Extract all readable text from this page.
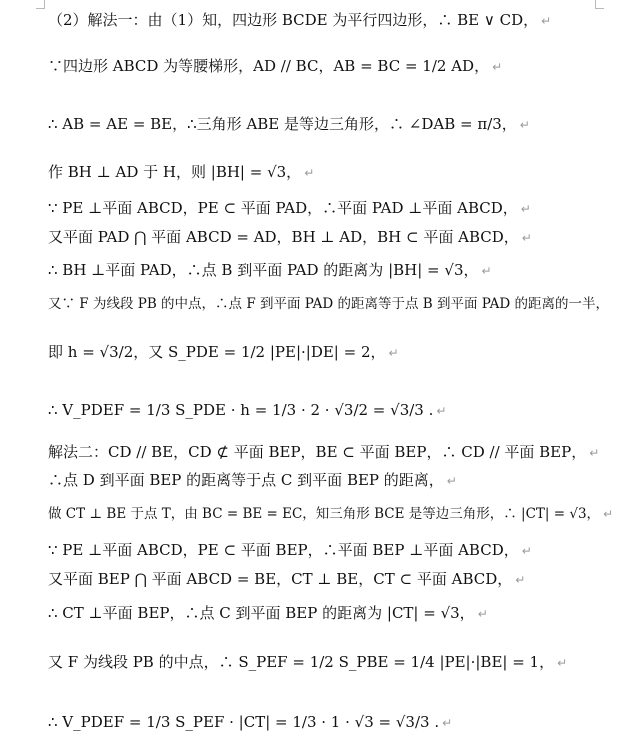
（2）解法一：由（1）知，四边形 BCDE 为平行四边形，∴ BE ∨ CD， ↵
∵四边形 ABCD 为等腰梯形，AD // BC，AB = BC = 1/2 AD， ↵
∴ AB = AE = BE，∴三角形 ABE 是等边三角形，∴ ∠DAB = π/3， ↵
作 BH ⊥ AD 于 H，则 |BH| = √3， ↵
∵ PE ⊥平面 ABCD，PE ⊂ 平面 PAD，∴平面 PAD ⊥平面 ABCD， ↵
又平面 PAD ⋂ 平面 ABCD = AD，BH ⊥ AD，BH ⊂ 平面 ABCD， ↵
∴ BH ⊥平面 PAD，∴点 B 到平面 PAD 的距离为 |BH| = √3， ↵
又∵ F 为线段 PB 的中点，∴点 F 到平面 PAD 的距离等于点 B 到平面 PAD 的距离的一半，
即 h = √3/2，又 S_PDE = 1/2 |PE|·|DE| = 2， ↵
∴ V_PDEF = 1/3 S_PDE · h = 1/3 · 2 · √3/2 = √3/3 . ↵
解法二：CD // BE，CD ⊄ 平面 BEP，BE ⊂ 平面 BEP，∴ CD // 平面 BEP， ↵
∴点 D 到平面 BEP 的距离等于点 C 到平面 BEP 的距离， ↵
做 CT ⊥ BE 于点 T，由 BC = BE = EC，知三角形 BCE 是等边三角形，∴ |CT| = √3， ↵
∵ PE ⊥平面 ABCD，PE ⊂ 平面 BEP，∴平面 BEP ⊥平面 ABCD， ↵
又平面 BEP ⋂ 平面 ABCD = BE，CT ⊥ BE，CT ⊂ 平面 ABCD， ↵
∴ CT ⊥平面 BEP，∴点 C 到平面 BEP 的距离为 |CT| = √3， ↵
又 F 为线段 PB 的中点，∴ S_PEF = 1/2 S_PBE = 1/4 |PE|·|BE| = 1， ↵
∴ V_PDEF = 1/3 S_PEF · |CT| = 1/3 · 1 · √3 = √3/3 . ↵
